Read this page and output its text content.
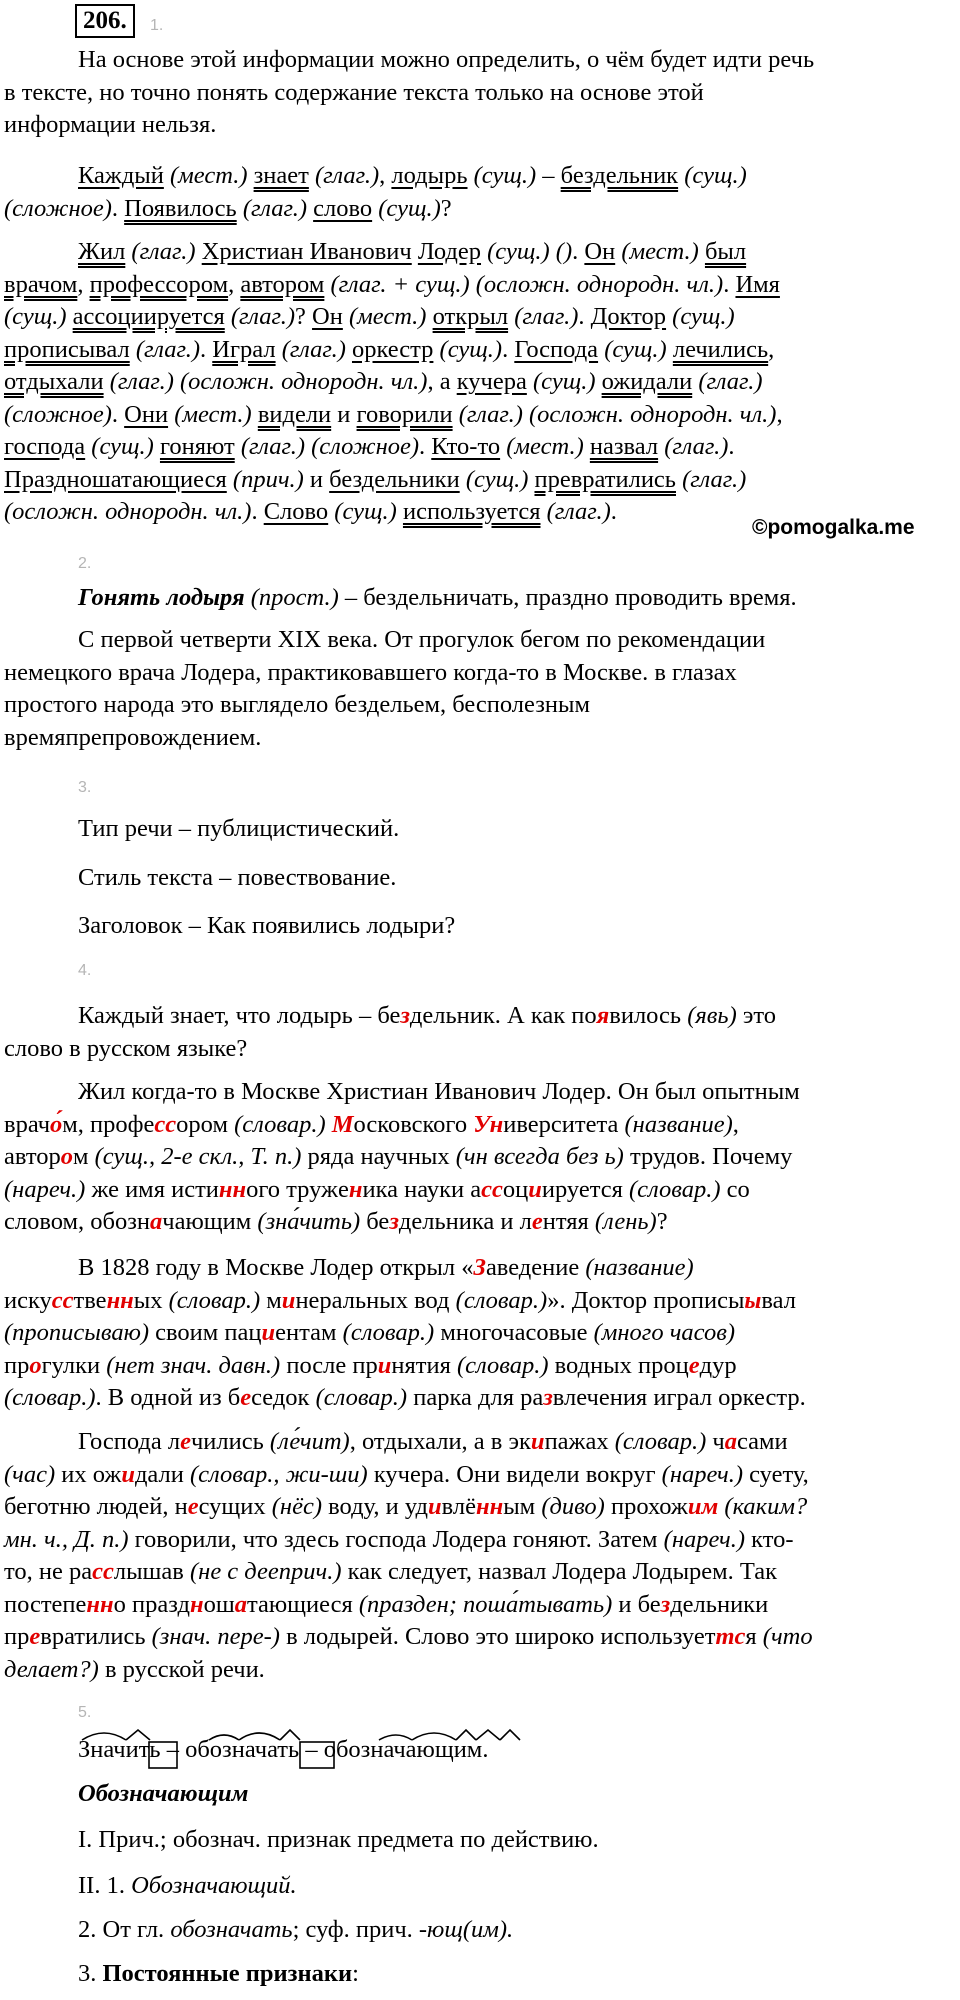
206.	1.
На основе этой информации можно определить, о чём будет идти речь
в тексте, но точно понять содержание текста только на основе этой
информации нельзя.
Каждый (мест.) знает (глаг.), лодырь (сущ.) – бездельник (сущ.)
(сложное). Появилось (глаг.) слово (сущ.)?
Жил (глаг.) Христиан Иванович Лодер (сущ.) (). Он (мест.) был
врачом, профессором, автором (глаг. + сущ.) (осложн. однородн. чл.). Имя
(сущ.) ассоциируется (глаг.)? Он (мест.) открыл (глаг.). Доктор (сущ.)
прописывал (глаг.). Играл (глаг.) оркестр (сущ.). Господа (сущ.) лечились,
отдыхали (глаг.) (осложн. однородн. чл.), а кучера (сущ.) ожидали (глаг.)
(сложное). Они (мест.) видели и говорили (глаг.) (осложн. однородн. чл.),
господа (сущ.) гоняют (глаг.) (сложное). Кто-то (мест.) назвал (глаг.).
Праздношатающиеся (прич.) и бездельники (сущ.) превратились (глаг.)
(осложн. однородн. чл.). Слово (сущ.) используется (глаг.).
©pomogalka.me
2.
Гонять лодыря (прост.) – бездельничать, праздно проводить время.
С первой четверти XIX века. От прогулок бегом по рекомендации
немецкого врача Лодера, практиковавшего когда-то в Москве. в глазах
простого народа это выглядело бездельем, бесполезным
времяпрепровождением.
3.
Тип речи – публицистический.
Стиль текста – повествование.
Заголовок – Как появились лодыри?
4.
Каждый знает, что лодырь – бездельник. А как появилось (явь) это
слово в русском языке?
Жил когда-то в Москве Христиан Иванович Лодер. Он был опытным
врачо́м, профессором (словар.) Московского Университета (название),
автором (сущ., 2-е скл., Т. п.) ряда научных (чн всегда без ь) трудов. Почему
(нареч.) же имя истинного тружeника науки ассоциируется (словар.) со
словом, обозначающим (зна́чить) бездельника и лентяя (лень)?
В 1828 году в Москве Лодер открыл «Заведение (название)
искусственных (словар.) минеральных вод (словар.)». Доктор прописыывал
(прописываю) своим пациентам (словар.) многочасовые (много часов)
прогулки (нет знач. давн.) после принятия (словар.) водных процедур
(словар.). В одной из беседок (словар.) парка для развлечения играл оркестр.
Господа лечились (ле́чит), отдыхали, а в экипажах (словар.) часами
(час) их ожидали (словар., жи-ши) кучера. Они видели вокруг (нареч.) суету,
беготню людей, несущих (нёс) воду, и удивлённым (диво) прохожим (каким?
мн. ч., Д. п.) говорили, что здесь господа Лодера гоняют. Затем (нареч.) кто-
то, не расслышав (не с дееприч.) как следует, назвал Лодера Лодырем. Так
постепенно праздношатающиеся (празден; поша́тывать) и бездельники
превратились (знач. пере-) в лодырей. Слово это широко используеттся (что
делает?) в русской речи.
5.
Значить – обозначать – обозначающим.
Обозначающим
I. Прич.; обознач. признак предмета по действию.
II. 1. Обозначающий.
2. От гл. обозначать; суф. прич. -ющ(им).
3. Постоянные признаки:
